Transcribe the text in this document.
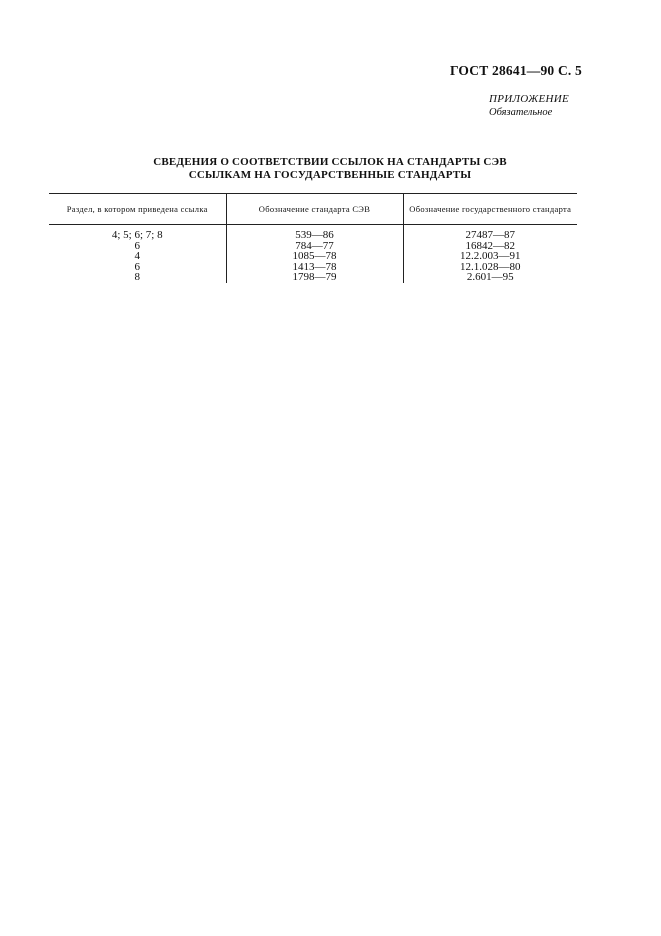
ГОСТ 28641—90 С. 5
ПРИЛОЖЕНИЕ
Обязательное
СВЕДЕНИЯ О СООТВЕТСТВИИ ССЫЛОК НА СТАНДАРТЫ СЭВ
ССЫЛКАМ НА ГОСУДАРСТВЕННЫЕ СТАНДАРТЫ
Раздел, в котором приведена ссылка	Обозначение стандарта СЭВ	Обозначение государственного стандарта
4; 5; 6; 7; 8	539—86	27487—87
6	784—77	16842—82
4	1085—78	12.2.003—91
6	1413—78	12.1.028—80
8	1798—79	2.601—95
